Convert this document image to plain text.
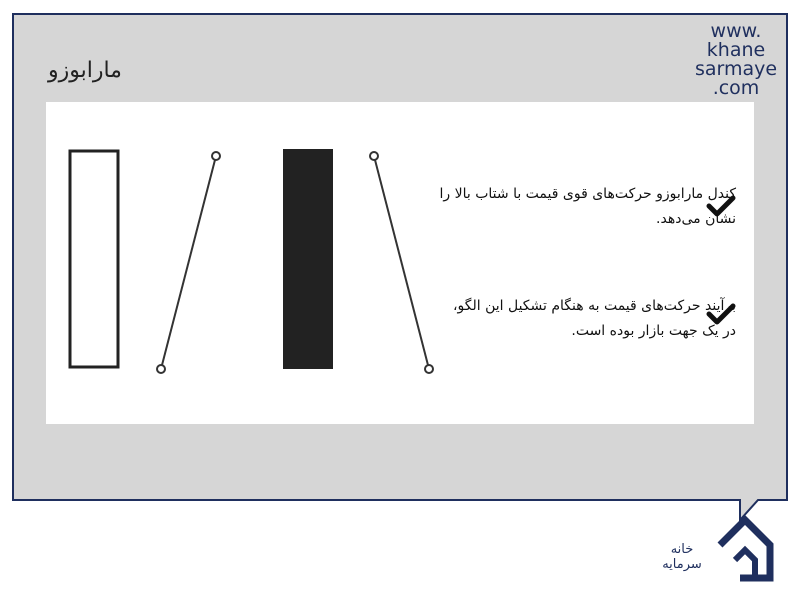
مارابوزو
www.
khane
sarmaye
.com
کندل مارابوزو حرکت‌های قوی قیمت با شتاب بالا را نشان می‌دهد.
برآیند حرکت‌های قیمت به هنگام تشکیل این الگو، در یک جهت بازار بوده است.
خانه
سرمایه
